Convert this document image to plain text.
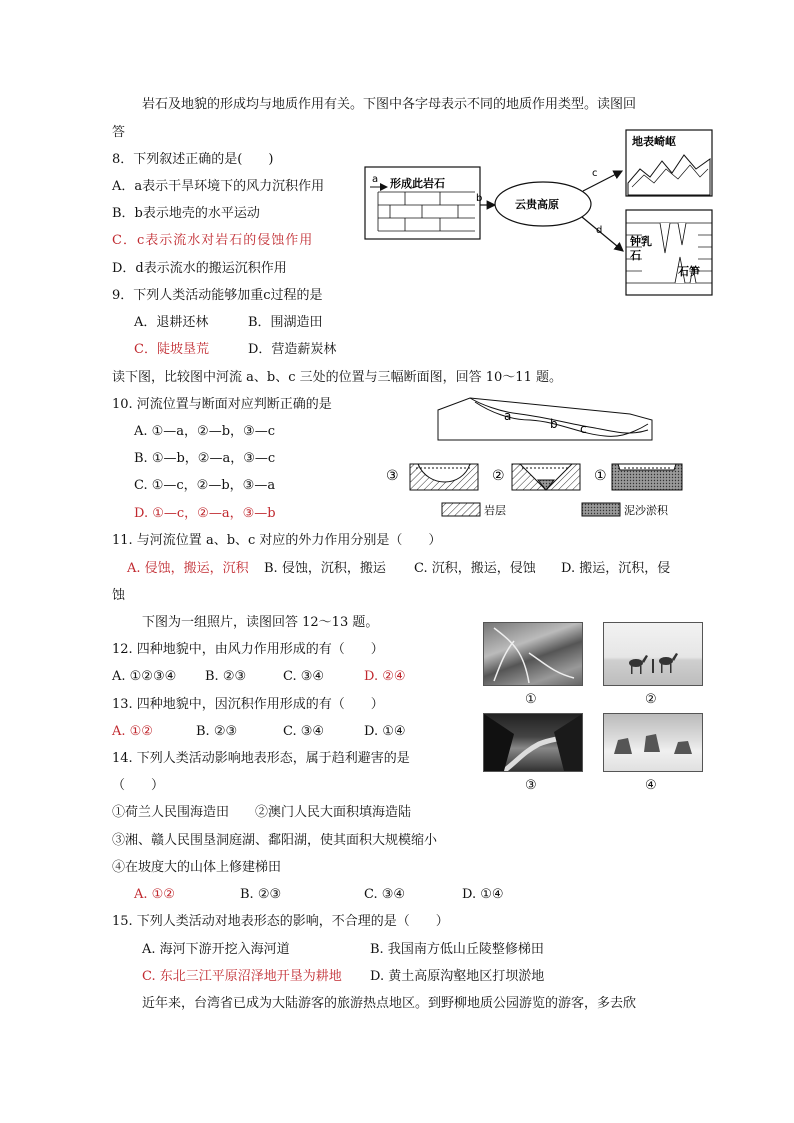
岩石及地貌的形成均与地质作用有关。下图中各字母表示不同的地质作用类型。读图回
答
8．下列叙述正确的是(　　)
A．a表示干旱环境下的风力沉积作用
B．b表示地壳的水平运动
C．c表示流水对岩石的侵蚀作用
D．d表示流水的搬运沉积作用
9．下列人类活动能够加重c过程的是
A．退耕还林	B．围湖造田
C．陡坡垦荒	D．营造薪炭林
a 形成此岩石
b	云贵高原
c
d
地表崎岖
钟乳
石
石笋
读下图，比较图中河流 a、b、c 三处的位置与三幅断面图，回答 10～11 题。
10. 河流位置与断面对应判断正确的是
A. ①—a，②—b，③—c
B. ①—b，②—a，③—c
C. ①—c，②—b，③—a
D. ①—c，②—a，③—b
a
b c
③	②	①
岩层	泥沙淤积
11. 与河流位置 a、b、c 对应的外力作用分别是（　　）
A. 侵蚀，搬运，沉积 B. 侵蚀，沉积，搬运 C. 沉积，搬运，侵蚀 D. 搬运，沉积，侵
蚀
下图为一组照片，读图回答 12～13 题。
①	②
③	④
12. 四种地貌中，由风力作用形成的有（　　）
A. ①②③④ B. ②③	C. ③④	D. ②④
13. 四种地貌中，因沉积作用形成的有（　　）
A. ①②	B. ②③	C. ③④	D. ①④
14. 下列人类活动影响地表形态，属于趋利避害的是
（　　）
①荷兰人民围海造田　　②澳门人民大面积填海造陆
③湘、赣人民围垦洞庭湖、鄱阳湖，使其面积大规模缩小
④在坡度大的山体上修建梯田
A. ①②	B. ②③	C. ③④	D. ①④
15. 下列人类活动对地表形态的影响，不合理的是（　　）
A. 海河下游开挖入海河道	B. 我国南方低山丘陵整修梯田
C. 东北三江平原沼泽地开垦为耕地 D. 黄土高原沟壑地区打坝淤地
近年来，台湾省已成为大陆游客的旅游热点地区。到野柳地质公园游览的游客，多去欣
